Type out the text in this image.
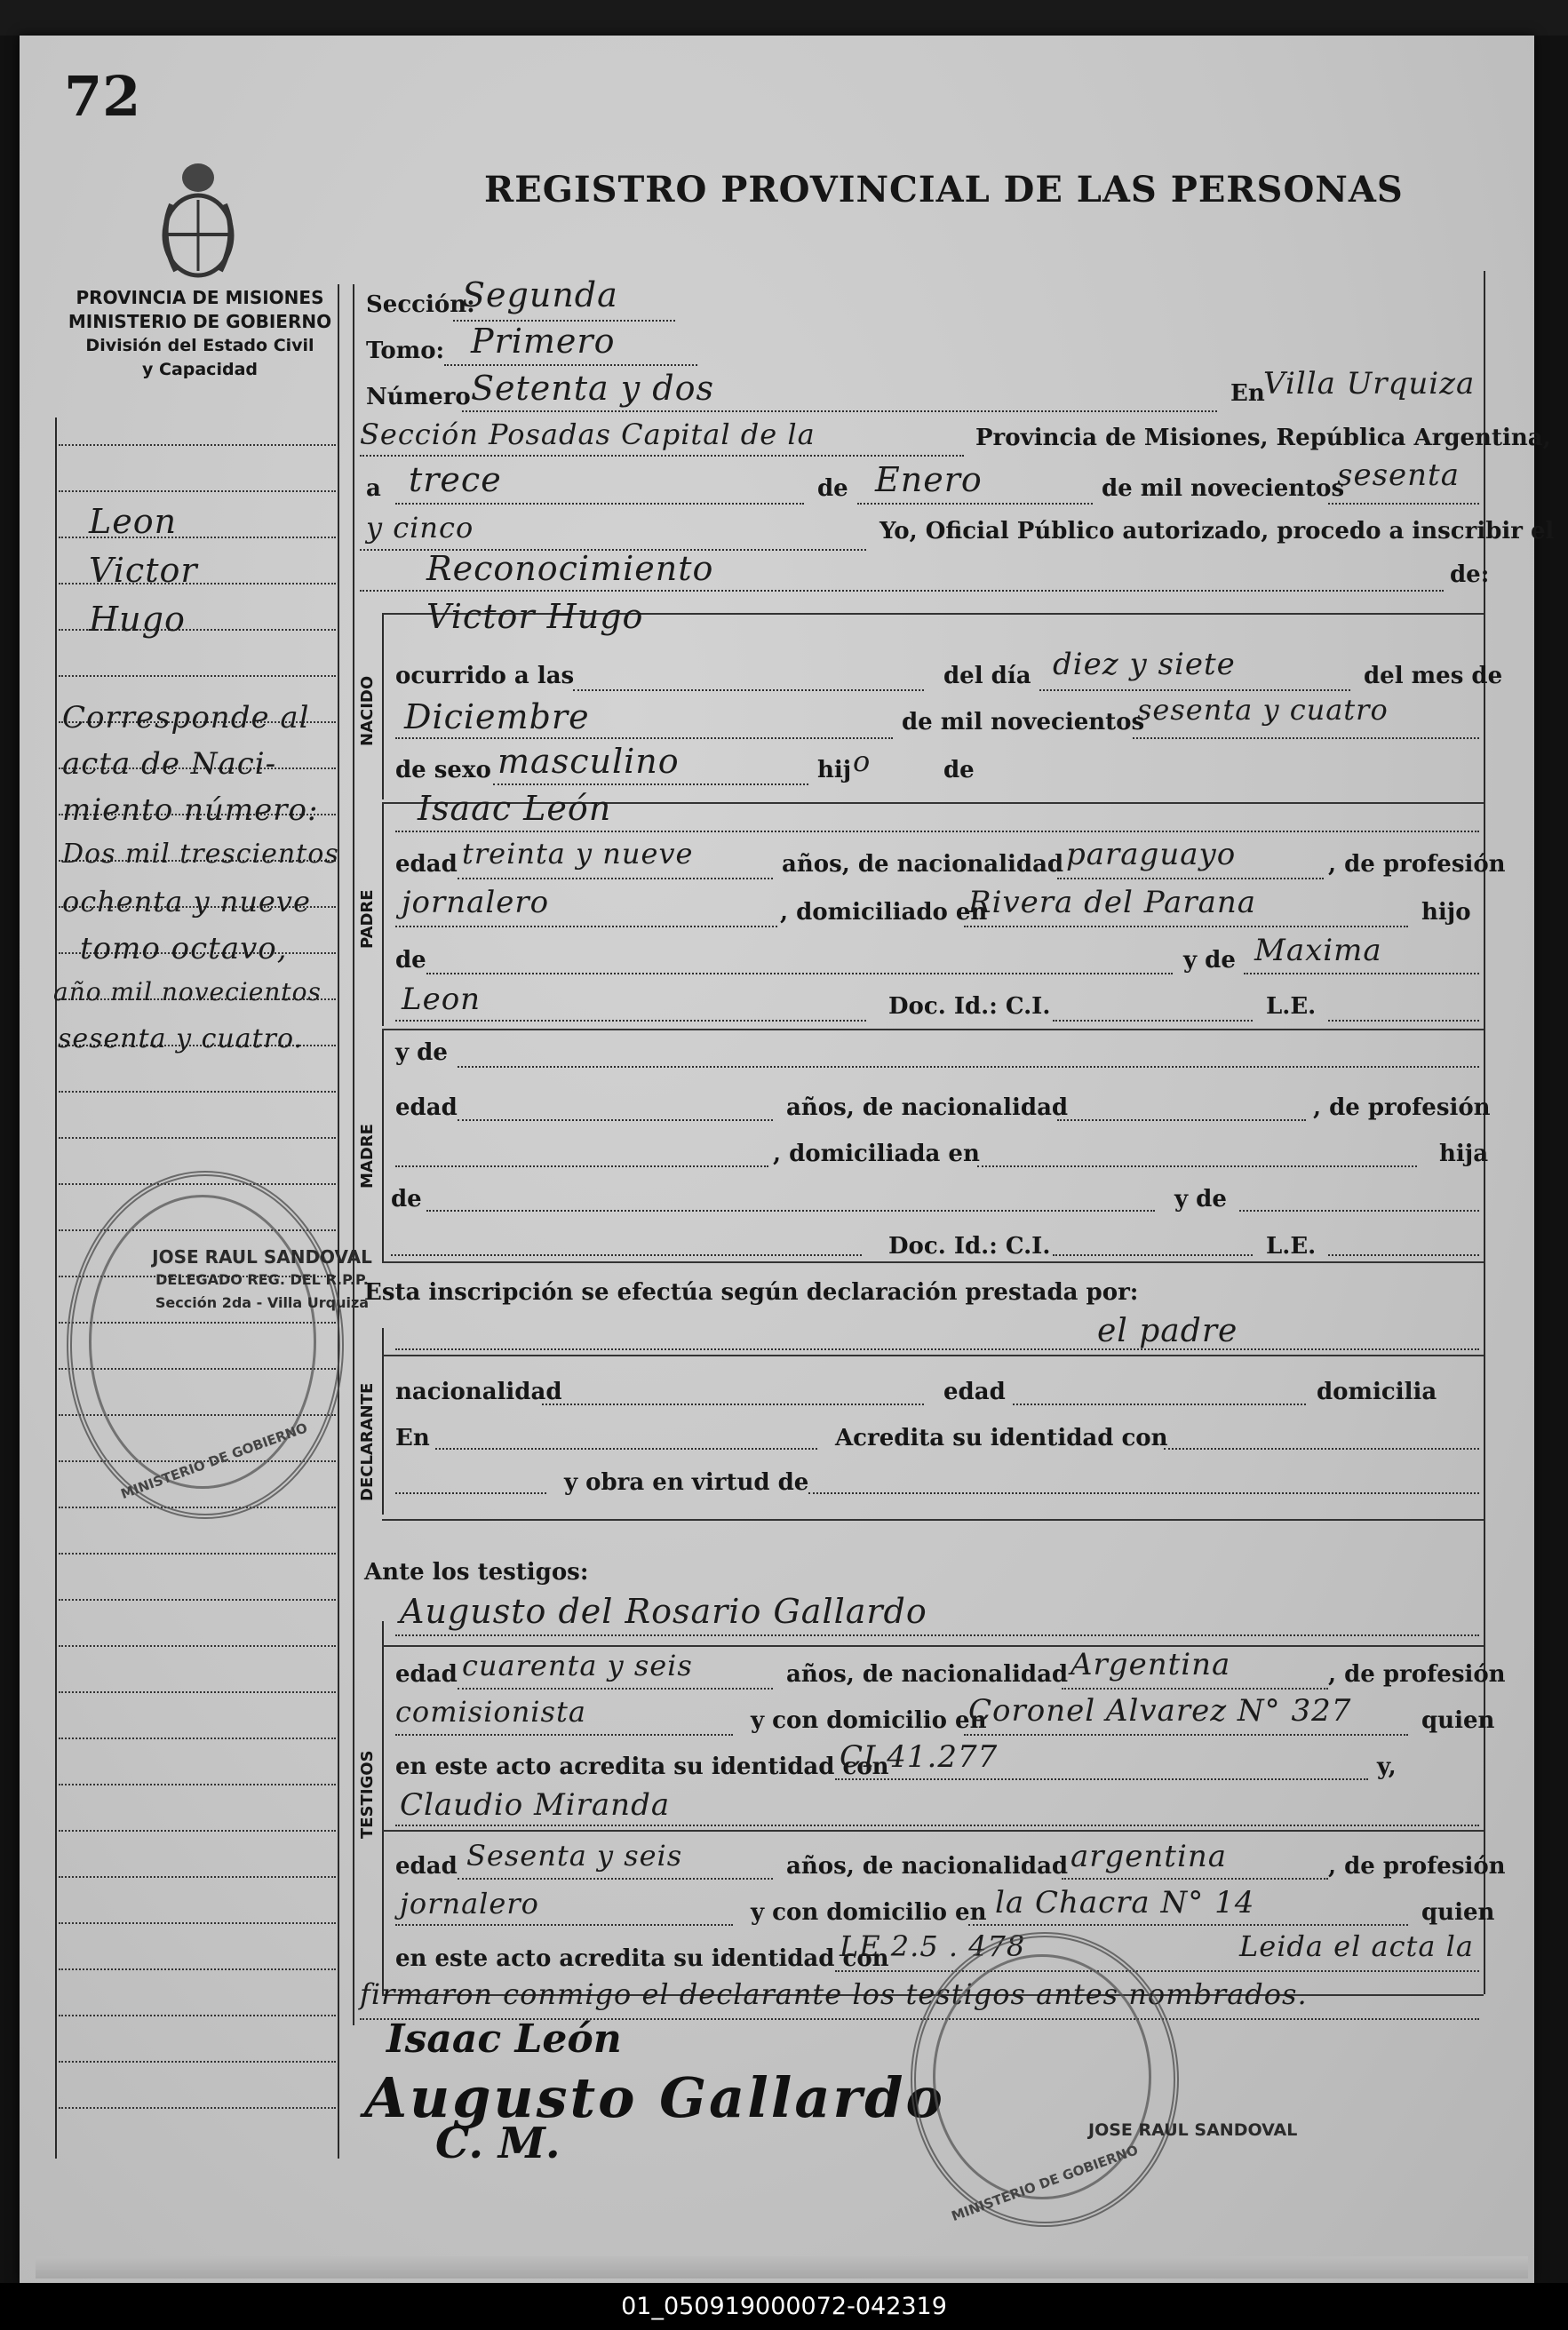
72
REGISTRO PROVINCIAL DE LAS PERSONAS
PROVINCIA DE MISIONES
MINISTERIO DE GOBIERNO
División del Estado Civil
y Capacidad
Leon
Victor
Hugo
Corresponde al
acta de Naci-
miento número:
Dos mil trescientos
ochenta y nueve
tomo octavo,
año mil novecientos
sesenta y cuatro.
Sección:
Segunda
Tomo: Primero
Número Setenta y dos	En
Villa Urquiza
Sección Posadas Capital de la	Provincia de Misiones, República Argentina,
a trece	de Enero	de mil novecientos
sesenta
y cinco	Yo, Oficial Público autorizado, procedo a inscribir el
Reconocimiento	de:
NACIDO
PADRE
MADRE
DECLARANTE
TESTIGOS
Victor Hugo
ocurrido a las	del día diez y siete	del mes de
Diciembre	de mil novecientos
sesenta y cuatro
de sexo masculino	hij o	de
Isaac León
edad treinta y nueve	años, de nacionalidad paraguayo	, de profesión
jornalero	, domiciliado en
Rivera del Parana	hijo
de	y de Maxima
Leon	Doc. Id.: C.I.	L.E.
y de
edad	años, de nacionalidad	, de profesión
, domiciliada en	hija
de	y de
Doc. Id.: C.I.	L.E.
Esta inscripción se efectúa según declaración prestada por:
el padre
nacionalidad	edad	domicilia
En	Acredita su identidad con
y obra en virtud de
Ante los testigos:
Augusto del Rosario Gallardo
edad cuarenta y seis	años, de nacionalidad Argentina	, de profesión
comisionista	y con domicilio en
Coronel Alvarez N° 327	quien
en este acto acredita su identidad con
CI 41.277	y,
Claudio Miranda
edad Sesenta y seis	años, de nacionalidad argentina	, de profesión
jornalero	y con domicilio en la Chacra N° 14	quien
en este acto acredita su identidad con
LE 2.5 . 478	Leida el acta la
firmaron conmigo el declarante los testigos antes nombrados.
Isaac León
Augusto Gallardo
C. M.
JOSE RAUL SANDOVAL
DELEGADO REG. DEL R.P.P.
Sección 2da - Villa Urquiza
MINISTERIO DE GOBIERNO
MINISTERIO DE GOBIERNO
JOSE RAUL SANDOVAL
01_050919000072-042319
